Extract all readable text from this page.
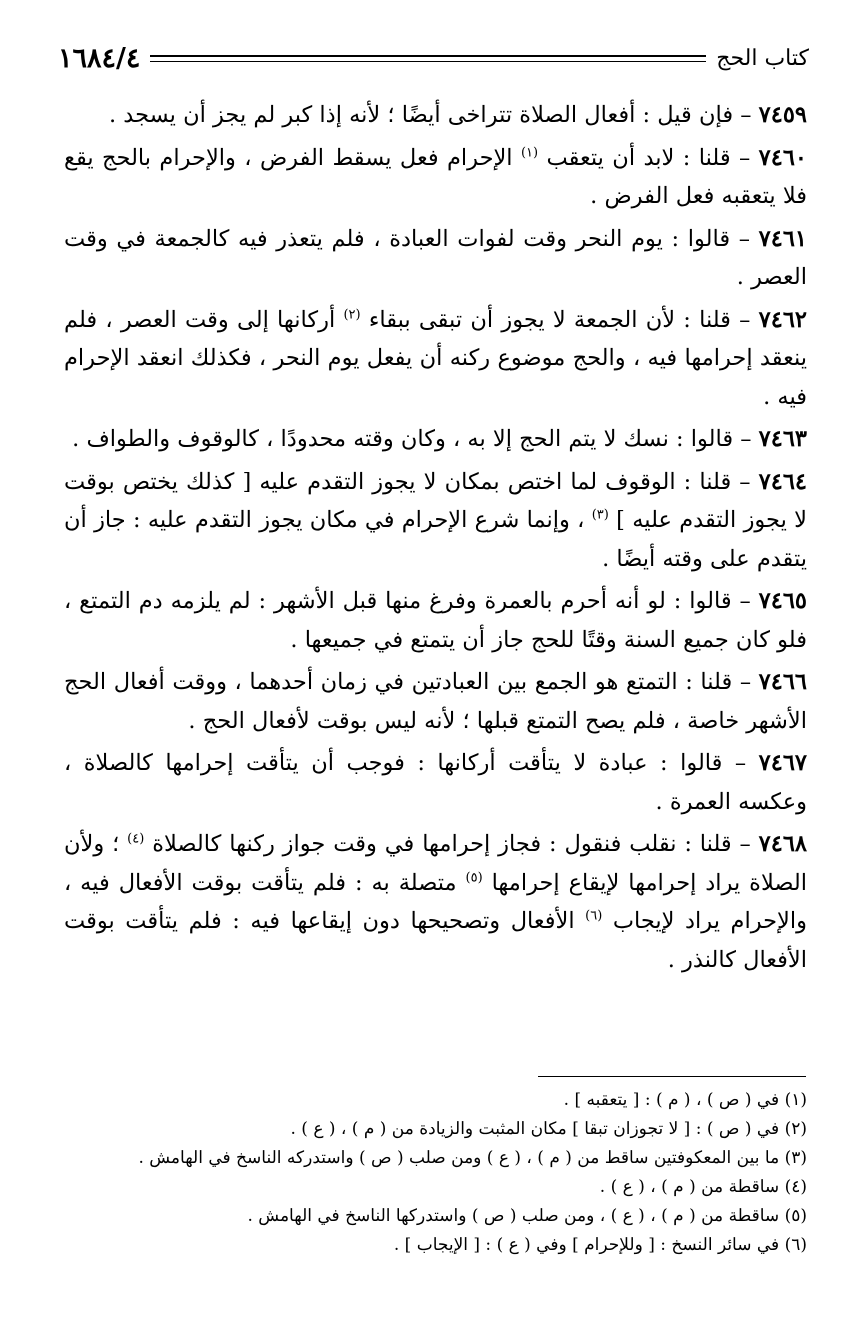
كتاب الحج
١٦٨٤/٤

٧٤٥٩ – فإن قيل : أفعال الصلاة تتراخى أيضًا ؛ لأنه إذا كبر لم يجز أن يسجد .

٧٤٦٠ – قلنا : لابد أن يتعقب $^{(١)}$ الإحرام فعل يسقط الفرض ، والإحرام بالحج يقع فلا يتعقبه فعل الفرض .

٧٤٦١ – قالوا : يوم النحر وقت لفوات العبادة ، فلم يتعذر فيه كالجمعة في وقت العصر .

٧٤٦٢ – قلنا : لأن الجمعة لا يجوز أن تبقى ببقاء $^{(٢)}$ أركانها إلى وقت العصر ، فلم ينعقد إحرامها فيه ، والحج موضوع ركنه أن يفعل يوم النحر ، فكذلك انعقد الإحرام فيه .

٧٤٦٣ – قالوا : نسك لا يتم الحج إلا به ، وكان وقته محدودًا ، كالوقوف والطواف .

٧٤٦٤ – قلنا : الوقوف لما اختص بمكان لا يجوز التقدم عليه [ كذلك يختص بوقت لا يجوز التقدم عليه ] $^{(٣)}$ ، وإنما شرع الإحرام في مكان يجوز التقدم عليه : جاز أن يتقدم على وقته أيضًا .

٧٤٦٥ – قالوا : لو أنه أحرم بالعمرة وفرغ منها قبل الأشهر : لم يلزمه دم التمتع ، فلو كان جميع السنة وقتًا للحج جاز أن يتمتع في جميعها .

٧٤٦٦ – قلنا : التمتع هو الجمع بين العبادتين في زمان أحدهما ، ووقت أفعال الحج الأشهر خاصة ، فلم يصح التمتع قبلها ؛ لأنه ليس بوقت لأفعال الحج .

٧٤٦٧ – قالوا : عبادة لا يتأقت أركانها : فوجب أن يتأقت إحرامها كالصلاة ، وعكسه العمرة .

٧٤٦٨ – قلنا : نقلب فنقول : فجاز إحرامها في وقت جواز ركنها كالصلاة $^{(٤)}$ ؛ ولأن الصلاة يراد إحرامها لإيقاع إحرامها $^{(٥)}$ متصلة به : فلم يتأقت بوقت الأفعال فيه ، والإحرام يراد لإيجاب $^{(٦)}$ الأفعال وتصحيحها دون إيقاعها فيه : فلم يتأقت بوقت الأفعال كالنذر .

(١) في ( ص ) ، ( م ) : [ يتعقبه ] .

(٢) في ( ص ) : [ لا تجوزان تبقا ] مكان المثبت والزيادة من ( م ) ، ( ع ) .

(٣) ما بين المعكوفتين ساقط من ( م ) ، ( ع ) ومن صلب ( ص ) واستدركه الناسخ في الهامش .

(٤) ساقطة من ( م ) ، ( ع ) .

(٥) ساقطة من ( م ) ، ( ع ) ، ومن صلب ( ص ) واستدركها الناسخ في الهامش .

(٦) في سائر النسخ : [ وللإحرام ] وفي ( ع ) : [ الإيجاب ] .
